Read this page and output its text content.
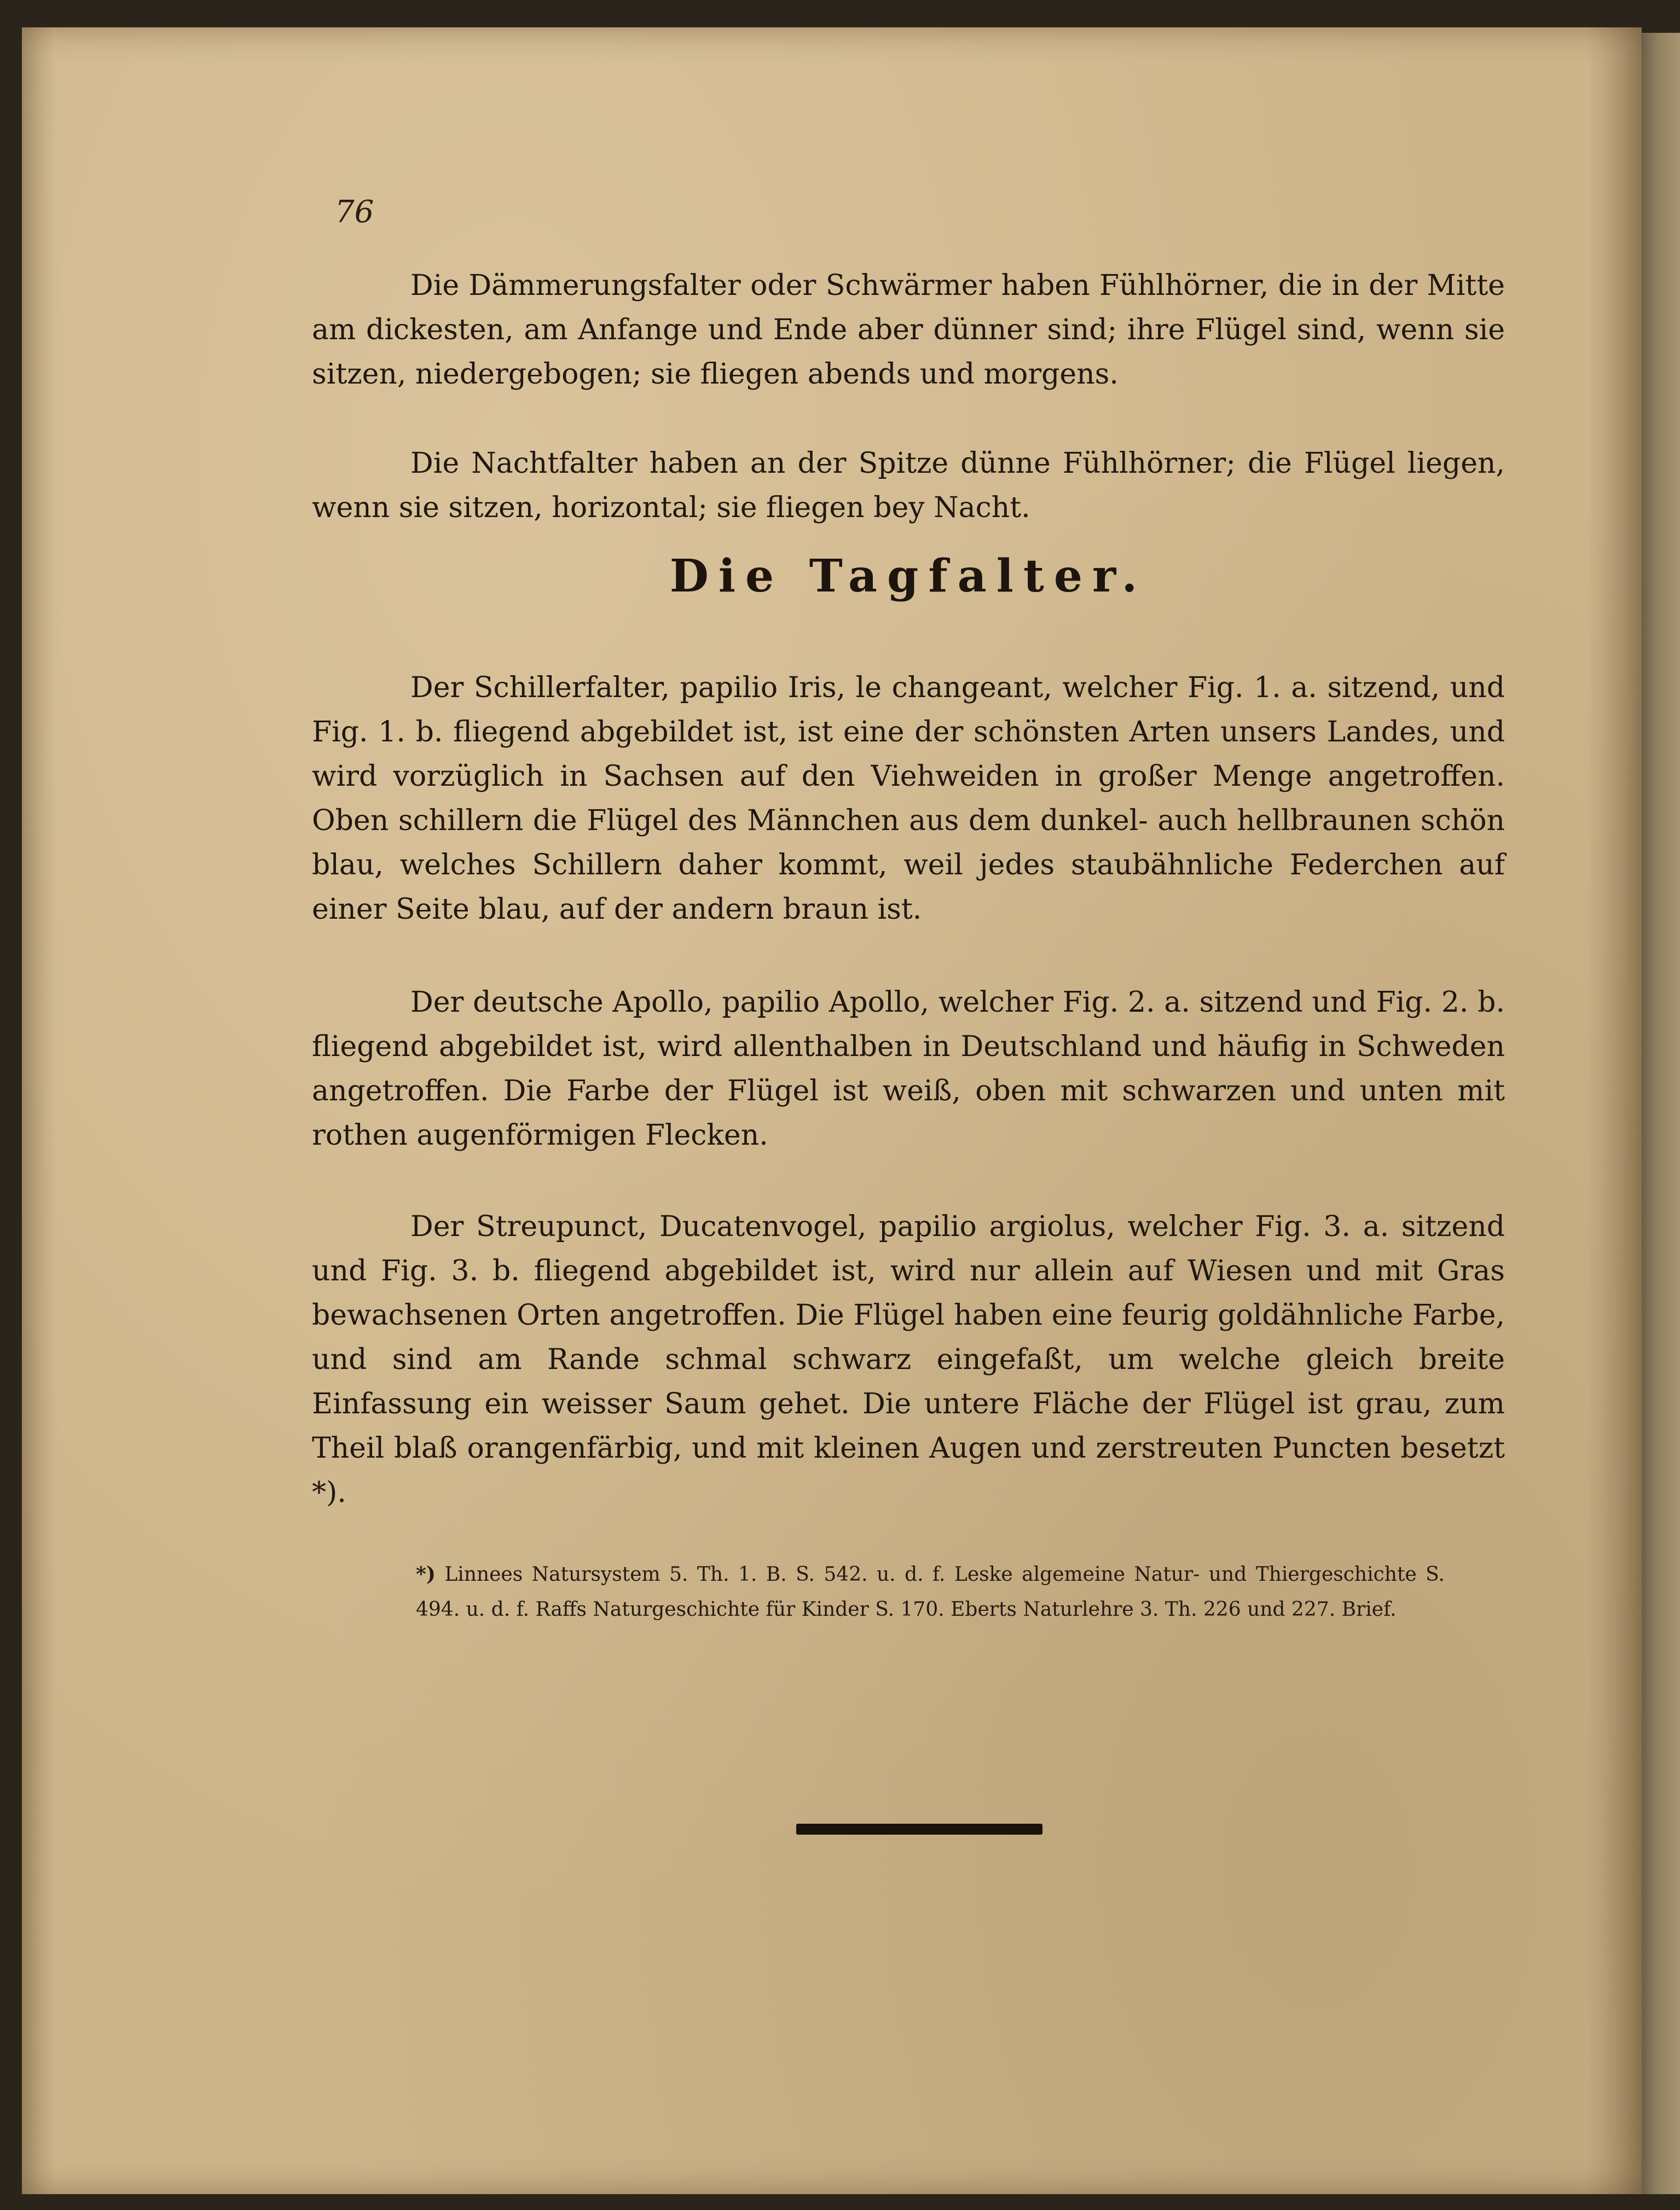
76

Die Dämmerungsfalter oder Schwärmer haben Fühlhörner, die in der Mitte am dickesten, am Anfange und Ende aber dünner sind; ihre Flügel sind, wenn sie sitzen, niedergebogen; sie fliegen abends und morgens.

Die Nachtfalter haben an der Spitze dünne Fühlhörner; die Flügel liegen, wenn sie sitzen, horizontal; sie fliegen bey Nacht.

Die Tagfalter.

Der Schillerfalter, papilio Iris, le changeant, welcher Fig. 1. a. sitzend, und Fig. 1. b. fliegend abgebildet ist, ist eine der schönsten Arten unsers Landes, und wird vorzüglich in Sachsen auf den Viehweiden in großer Menge angetroffen. Oben schillern die Flügel des Männchen aus dem dunkel- auch hellbraunen schön blau, welches Schillern daher kommt, weil jedes staubähnliche Federchen auf einer Seite blau, auf der andern braun ist.

Der deutsche Apollo, papilio Apollo, welcher Fig. 2. a. sitzend und Fig. 2. b. fliegend abgebildet ist, wird allenthalben in Deutschland und häufig in Schweden angetroffen. Die Farbe der Flügel ist weiß, oben mit schwarzen und unten mit rothen augenförmigen Flecken.

Der Streupunct, Ducatenvogel, papilio argiolus, welcher Fig. 3. a. sitzend und Fig. 3. b. fliegend abgebildet ist, wird nur allein auf Wiesen und mit Gras bewachsenen Orten angetroffen. Die Flügel haben eine feurig goldähnliche Farbe, und sind am Rande schmal schwarz eingefaßt, um welche gleich breite Einfassung ein weisser Saum gehet. Die untere Fläche der Flügel ist grau, zum Theil blaß orangenfärbig, und mit kleinen Augen und zerstreuten Puncten besetzt *).

*) Linnees Natursystem 5. Th. 1. B. S. 542. u. d. f. Leske algemeine Natur- und Thiergeschichte S. 494. u. d. f. Raffs Naturgeschichte für Kinder S. 170. Eberts Naturlehre 3. Th. 226 und 227. Brief.
